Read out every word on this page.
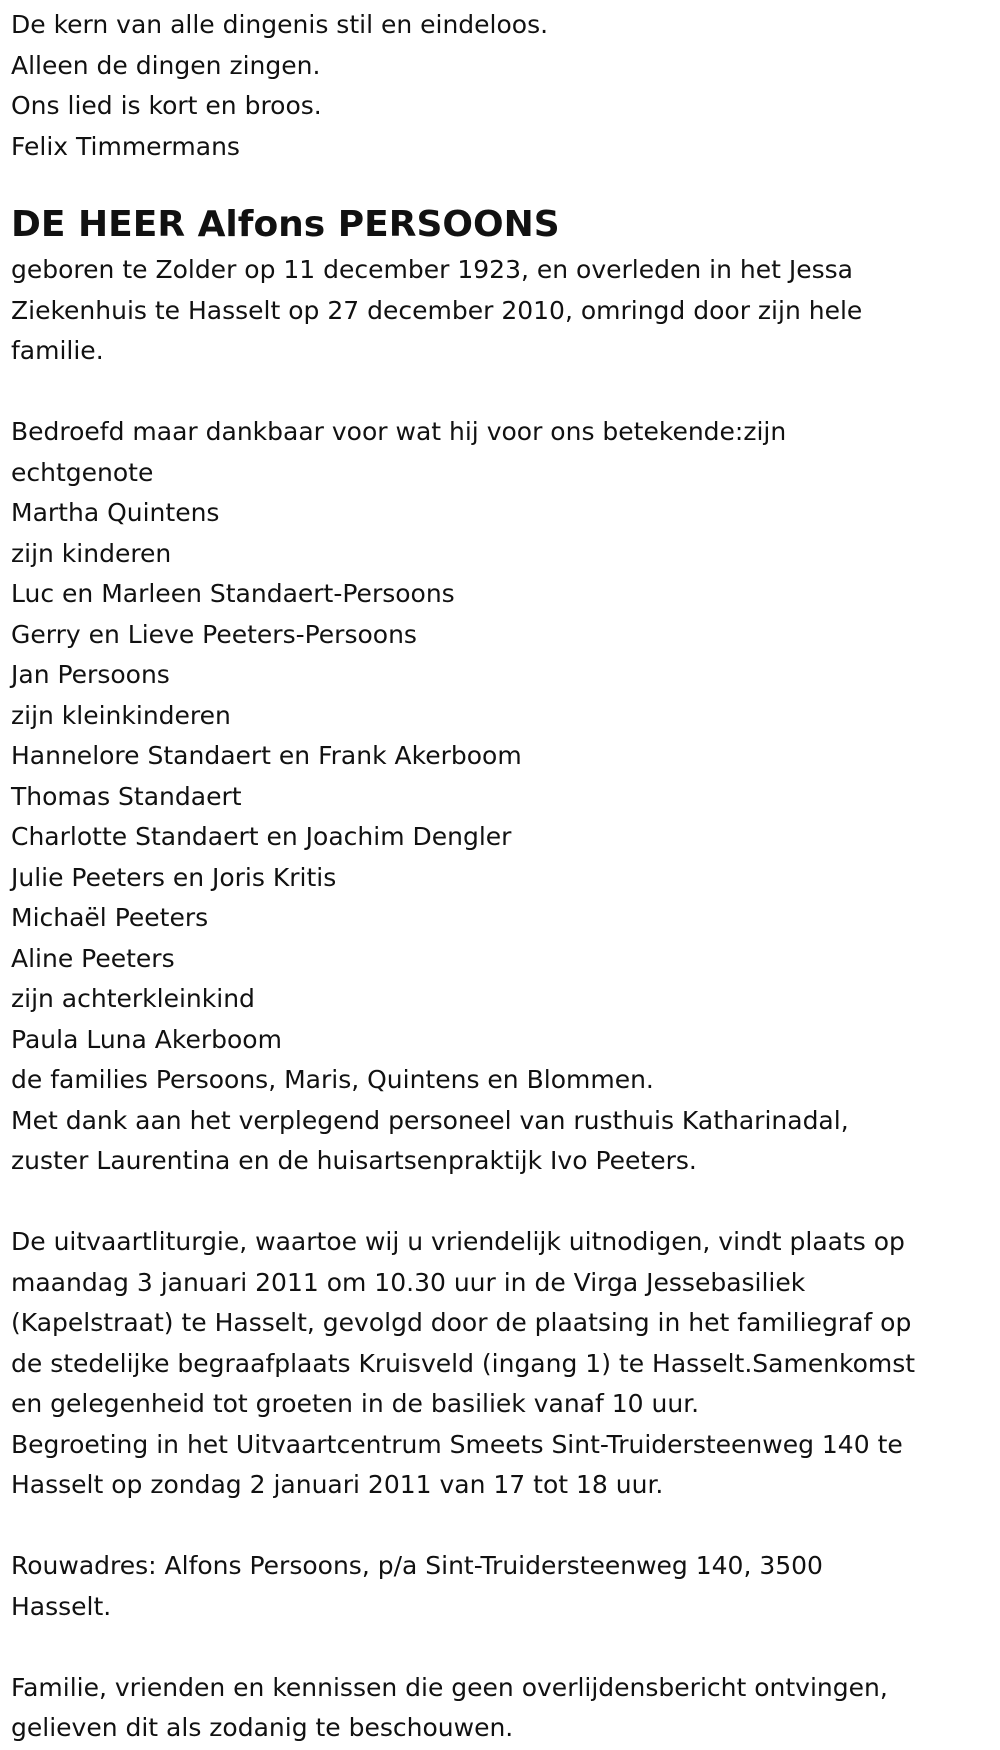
De kern van alle dingenis stil en eindeloos.

Alleen de dingen zingen.

Ons lied is kort en broos.

Felix Timmermans

DE HEER Alfons PERSOONS

geboren te Zolder op 11 december 1923, en overleden in het Jessa

Ziekenhuis te Hasselt op 27 december 2010, omringd door zijn hele

familie.

Bedroefd maar dankbaar voor wat hij voor ons betekende:zijn

echtgenote

Martha Quintens

zijn kinderen

Luc en Marleen Standaert-Persoons

Gerry en Lieve Peeters-Persoons

Jan Persoons

zijn kleinkinderen

Hannelore Standaert en Frank Akerboom

Thomas Standaert

Charlotte Standaert en Joachim Dengler

Julie Peeters en Joris Kritis

Michaël Peeters

Aline Peeters

zijn achterkleinkind

Paula Luna Akerboom

de families Persoons, Maris, Quintens en Blommen.

Met dank aan het verplegend personeel van rusthuis Katharinadal,

zuster Laurentina en de huisartsenpraktijk Ivo Peeters.

De uitvaartliturgie, waartoe wij u vriendelijk uitnodigen, vindt plaats op

maandag 3 januari 2011 om 10.30 uur in de Virga Jessebasiliek

(Kapelstraat) te Hasselt, gevolgd door de plaatsing in het familiegraf op

de stedelijke begraafplaats Kruisveld (ingang 1) te Hasselt.Samenkomst

en gelegenheid tot groeten in de basiliek vanaf 10 uur.

Begroeting in het Uitvaartcentrum Smeets Sint-Truidersteenweg 140 te

Hasselt op zondag 2 januari 2011 van 17 tot 18 uur.

Rouwadres: Alfons Persoons, p/a Sint-Truidersteenweg 140, 3500

Hasselt.

Familie, vrienden en kennissen die geen overlijdensbericht ontvingen,

gelieven dit als zodanig te beschouwen.
